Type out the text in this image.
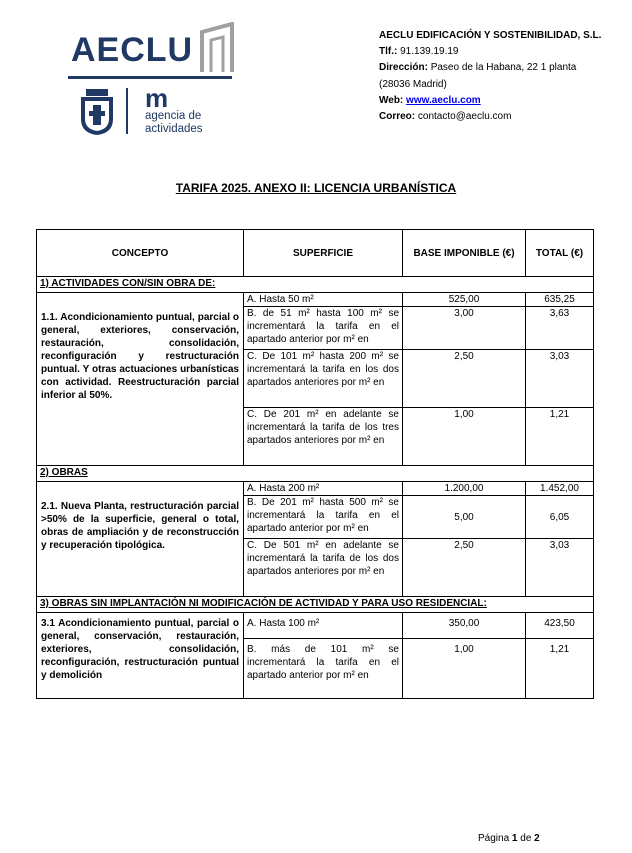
AECLU
m
agencia de
actividades
AECLU EDIFICACIÓN Y SOSTENIBILIDAD, S.L.
Tlf.: 91.139.19.19
Dirección: Paseo de la Habana, 22 1 planta
(28036 Madrid)
Web: www.aeclu.com
Correo: contacto@aeclu.com
TARIFA 2025. ANEXO II: LICENCIA URBANÍSTICA
CONCEPTO	SUPERFICIE	BASE IMPONIBLE (€)	TOTAL (€)
1) ACTIVIDADES CON/SIN OBRA DE:			
1.1. Acondicionamiento puntual, parcial o general, exteriores, conservación, restauración, consolidación, reconfiguración y restructuración puntual. Y otras actuaciones urbanísticas con actividad. Reestructuración parcial inferior al 50%.	A. Hasta 50 m²	525,00	635,25
	B. de 51 m² hasta 100 m² se incrementará la tarifa en el apartado anterior por m² en	3,00	3,63
	C. De 101 m² hasta 200 m² se incrementará la tarifa en los dos apartados anteriores por m² en	2,50	3,03
	C. De 201 m² en adelante se incrementará la tarifa de los tres apartados anteriores por m² en	1,00	1,21
2) OBRAS			
2.1. Nueva Planta, restructuración parcial >50% de la superficie, general o total, obras de ampliación y de reconstrucción y recuperación tipológica.	A. Hasta 200 m²	1.200,00	1.452,00
	B. De 201 m² hasta 500 m² se incrementará la tarifa en el apartado anterior por m² en	5,00	6,05
	C. De 501 m² en adelante se incrementará la tarifa de los dos apartados anteriores por m² en	2,50	3,03
3) OBRAS SIN IMPLANTACIÓN NI MODIFICACIÓN DE ACTIVIDAD Y PARA USO RESIDENCIAL:			
3.1 Acondicionamiento puntual, parcial o general, conservación, restauración, exteriores, consolidación, reconfiguración, restructuración puntual y demolición	A. Hasta 100 m²	350,00	423,50
	B. más de 101 m² se incrementará la tarifa en el apartado anterior por m² en	1,00	1,21
Página 1 de 2
